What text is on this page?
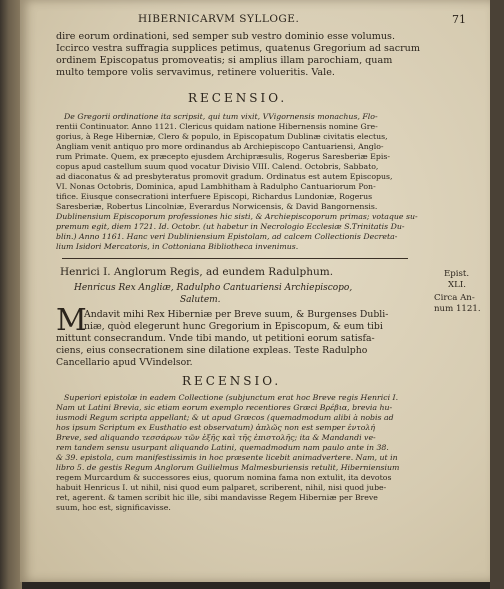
HIBERNICARVM SYLLOGE.	71
dire eorum ordinationi, sed semper sub vestro dominio esse volumus.
Iccirco vestra suffragia supplices petimus, quatenus Gregorium ad sacrum
ordinem Episcopatus promoveatis; si amplius illam parochiam, quam
multo tempore volis servavimus, retinere volueritis. Vale.
RECENSIO.
De Gregorii ordinatione ita scripsit, qui tum vixit, VVigornensis monachus, Flo-
rentii Continuator. Anno 1121. Clericus quidam natione Hibernensis nomine Gre-
gorius, à Rege Hiberniæ, Clero & populo, in Episcopatum Dublinæ civitatis electus,
Angliam venit antiquo pro more ordinandus ab Archiepiscopo Cantuariensi, Anglo-
rum Primate. Quem, ex præcepto ejusdem Archipræsulis, Rogerus Saresberiæ Epis-
copus apud castellum suum quod vocatur Divisio VIII. Calend. Octobris, Sabbato,
ad diaconatus & ad presbyteratus promovit gradum. Ordinatus est autem Episcopus,
VI. Nonas Octobris, Dominica, apud Lambhitham à Radulpho Cantuariorum Pon-
tifice. Eiusque consecrationi interfuere Episcopi, Richardus Lundoniæ, Rogerus
Saresberiæ, Robertus Lincolniæ, Everardus Norwicensis, & David Bangornensis.
Dublinensium Episcoporum professiones hic sisti, & Archiepiscoporum primas; votaque su-
premum egit, diem 1721. Id. Octobr. (ut habetur in Necrologio Ecclesiæ S.Trinitatis Du-
blin.) Anno 1161. Hanc veri Dubliniensium Epistolam, ad calcem Collectionis Decreta-
lium Isidori Mercatoris, in Cottoniana Bibliotheca invenimus.
Henrici I. Anglorum Regis, ad eundem Radulphum.	Epist.
XLI.
Henricus Rex Angliæ, Radulpho Cantuariensi Archiepiscopo,
Salutem.	Circa An-
num 1121.
M
Andavit mihi Rex Hiberniæ per Breve suum, & Burgenses Dubli-
niæ, quòd elegerunt hunc Gregorium in Episcopum, & eum tibi
mittunt consecrandum. Vnde tibi mando, ut petitioni eorum satisfa-
ciens, eius consecrationem sine dilatione expleas. Teste Radulpho
Cancellario apud VVindelsor.
RECENSIO.
Superiori epistolæ in eadem Collectione (subjunctum erat hoc Breve regis Henrici I.
Nam ut Latini Brevia, sic etiam eorum exemplo recentiores Græci Βρέβια, brevia hu-
iusmodi Regum scripta appellant; & ut apud Græcos (quemadmodum alibi à nobis ad
hos ipsum Scriptum ex Eusthatio est observatum) ἀπλῶς non est semper ἐντολή
Breve, sed aliquando τεσσάρων τῶν ἐξῆς καὶ τῆς ἐπιστολῆς; ita & Mandandi ve-
rem tandem sensu usurpant aliquando Latini, quemadmodum nam paulo ante in 38.
& 39. epistola, cum manifestissimis in hoc præsente licebit animadvertere. Nam, ut in
libro 5. de gestis Regum Anglorum Guilielmus Malmesburiensis retulit, Hiberniensium
regem Murcardum & successores eius, quorum nomina fama non extulit, ita devotos
habuit Henricus I. ut nihil, nisi quod eum palparet, scriberent, nihil, nisi quod jube-
ret, agerent. & tamen scribit hic ille, sibi mandavisse Regem Hiberniæ per Breve
suum, hoc est, significavisse.
